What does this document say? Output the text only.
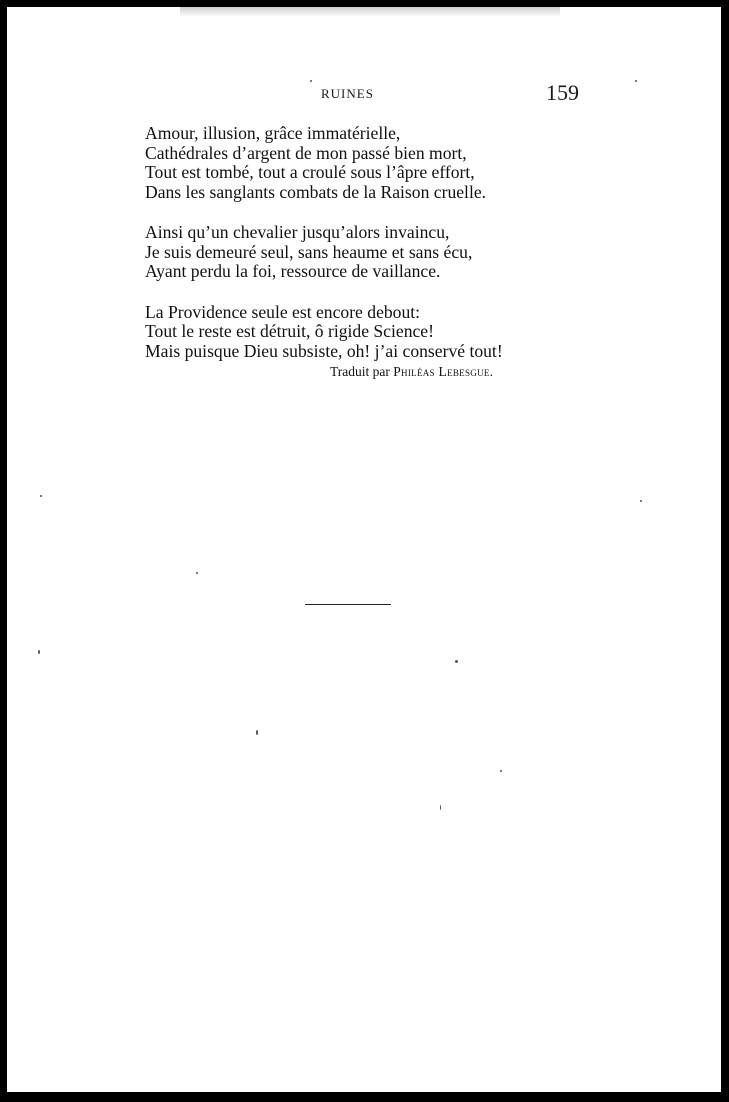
RUINES	159
Amour, illusion, grâce immatérielle,
Cathédrales d’argent de mon passé bien mort,
Tout est tombé, tout a croulé sous l’âpre effort,
Dans les sanglants combats de la Raison cruelle.
Ainsi qu’un chevalier jusqu’alors invaincu,
Je suis demeuré seul, sans heaume et sans écu,
Ayant perdu la foi, ressource de vaillance.
La Providence seule est encore debout:
Tout le reste est détruit, ô rigide Science!
Mais puisque Dieu subsiste, oh! j’ai conservé tout!
Traduit par Philéas Lebesgue.
